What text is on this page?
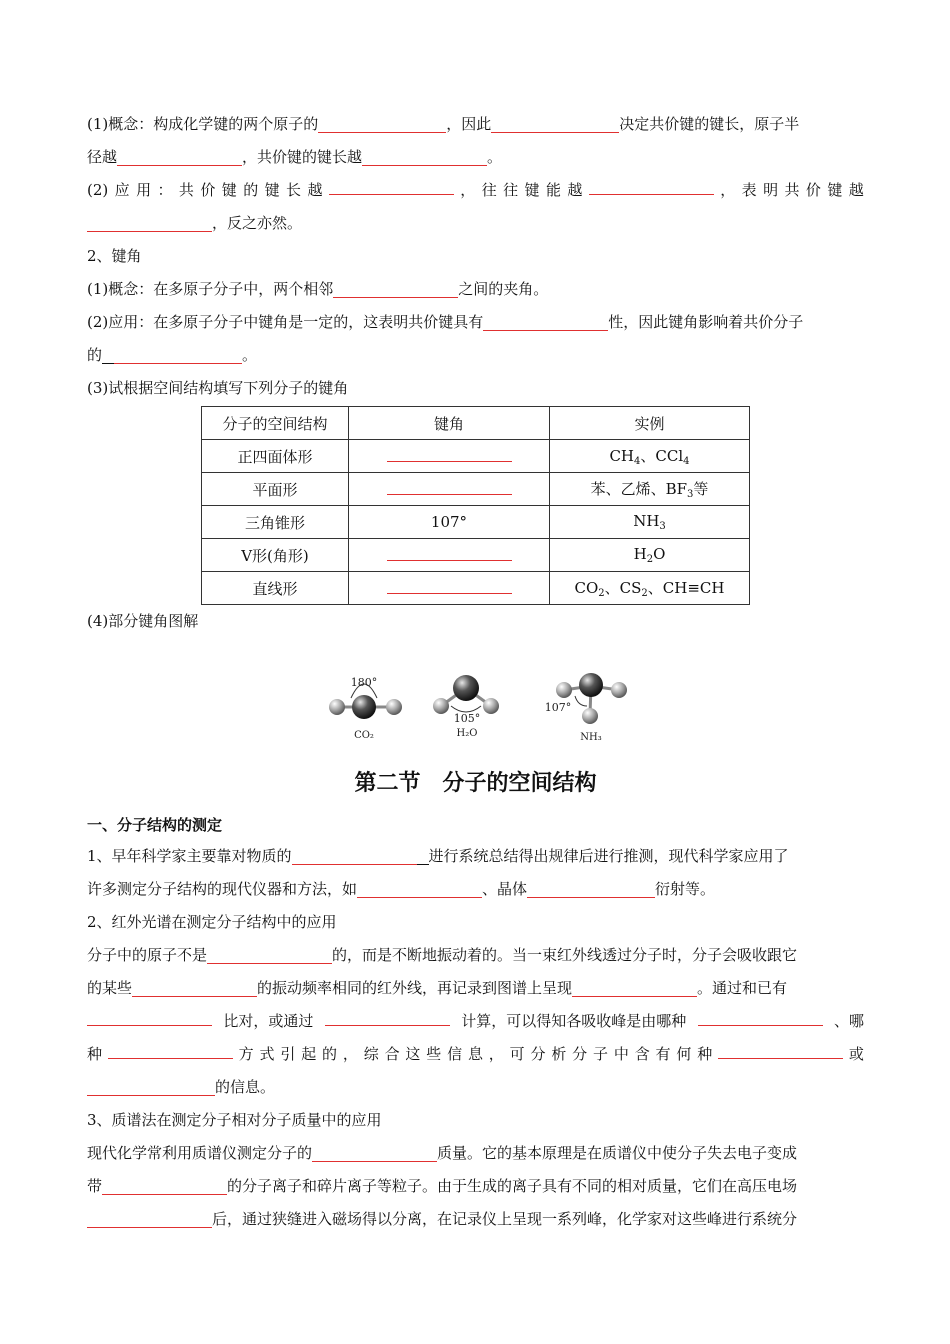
(1)概念：构成化学键的两个原子的	，因此	决定共价键的键长，原子半
径越	，共价键的键长越	。
(2) 应 用 ： 共 价 键 的 键 长 越	， 往 往 键 能 越	， 表 明 共 价 键 越
，反之亦然。
2、键角
(1)概念：在多原子分子中，两个相邻	之间的夹角。
(2)应用：在多原子分子中键角是一定的，这表明共价键具有	性，因此键角影响着共价分子
的	。
(3)试根据空间结构填写下列分子的键角
分子的空间结构	键角	实例
正四面体形		$CH_4$、CCl$_4$
平面形		苯、乙烯、$BF_3$等
三角锥形	107°	$NH_3$
V形(角形)		$H_2O$
直线形		$CO_2$、$CS_2$、CH≡CH
(4)部分键角图解
180°
CO₂
105°
H₂O
107°
NH₃
第二节　分子的空间结构
一、分子结构的测定
1、早年科学家主要靠对物质的	进行系统总结得出规律后进行推测，现代科学家应用了
许多测定分子结构的现代仪器和方法，如	、晶体	衍射等。
2、红外光谱在测定分子结构中的应用
分子中的原子不是	的，而是不断地振动着的。当一束红外线透过分子时，分子会吸收跟它
的某些	的振动频率相同的红外线，再记录到图谱上呈现	。通过和已有
比对，或通过	计算，可以得知各吸收峰是由哪种	、哪
种	方 式 引 起 的 ， 综 合 这 些 信 息 ， 可 分 析 分 子 中 含 有 何 种	或
的信息。
3、质谱法在测定分子相对分子质量中的应用
现代化学常利用质谱仪测定分子的	质量。它的基本原理是在质谱仪中使分子失去电子变成
带	的分子离子和碎片离子等粒子。由于生成的离子具有不同的相对质量，它们在高压电场
后，通过狭缝进入磁场得以分离，在记录仪上呈现一系列峰，化学家对这些峰进行系统分
